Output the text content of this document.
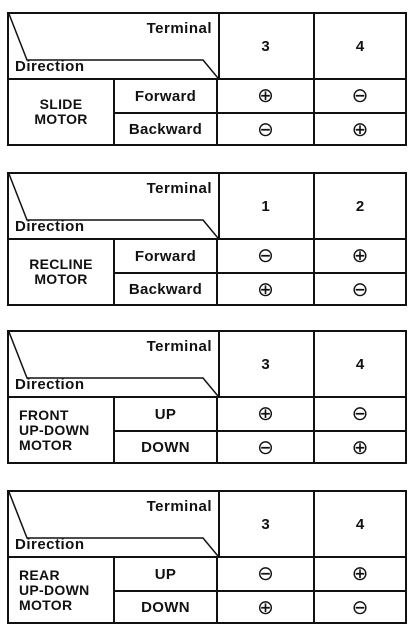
Terminal
Direction
3	4
SLIDE
MOTOR
Forward	⊕	⊖
Backward	⊖	⊕
Terminal
Direction
1	2
RECLINE
MOTOR
Forward	⊖	⊕
Backward	⊕	⊖
Terminal
Direction
3	4
FRONT
UP-DOWN
MOTOR
UP	⊕	⊖
DOWN	⊖	⊕
Terminal
Direction
3	4
REAR
UP-DOWN
MOTOR
UP	⊖	⊕
DOWN	⊕	⊖
